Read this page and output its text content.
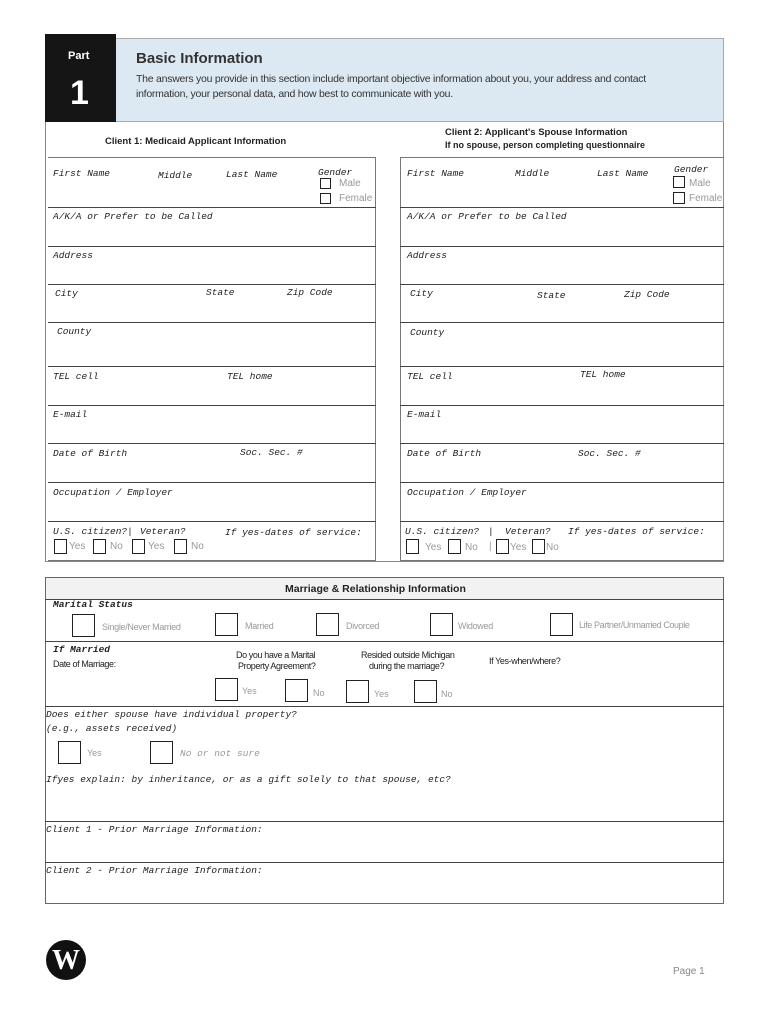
Part
1
Basic Information
The answers you provide in this section include important objective information about you, your address and contact
information, your personal data, and how best to communicate with you.
Client 1: Medicaid Applicant Information
Client 2: Applicant's Spouse Information
If no spouse, person completing questionnaire
First Name	Middle	Last Name	Gender
Male
Female
A/K/A or Prefer to be Called
Address
City	State	Zip Code
County
TEL cell	TEL home
E-mail
Date of Birth	Soc. Sec. #
Occupation / Employer
U.S. citizen?| Veteran?	If yes-dates of service:
Yes No	Yes	No
First Name	Middle	Last Name	Gender
Male
Female
A/K/A or Prefer to be Called
Address
City	State	Zip Code
County
TEL cell	TEL home
E-mail
Date of Birth	Soc. Sec. #
Occupation / Employer
U.S. citizen? | Veteran? If yes-dates of service:
Yes No | Yes No
Marriage & Relationship Information
Marital Status
Single/Never Married	Married	Divorced	Widowed	Life Partner/Unmarried Couple
If Married
Date of Marriage:
Do you have a Marital
Property Agreement?
Resided outside Michigan
during the marriage?	If Yes-when/where?
Yes	No	Yes	No
Does either spouse have individual property?
(e.g., assets received)
Yes	No or not sure
Ifyes explain: by inheritance, or as a gift solely to that spouse, etc?
Client 1 - Prior Marriage Information:
Client 2 - Prior Marriage Information:
W	Page 1
